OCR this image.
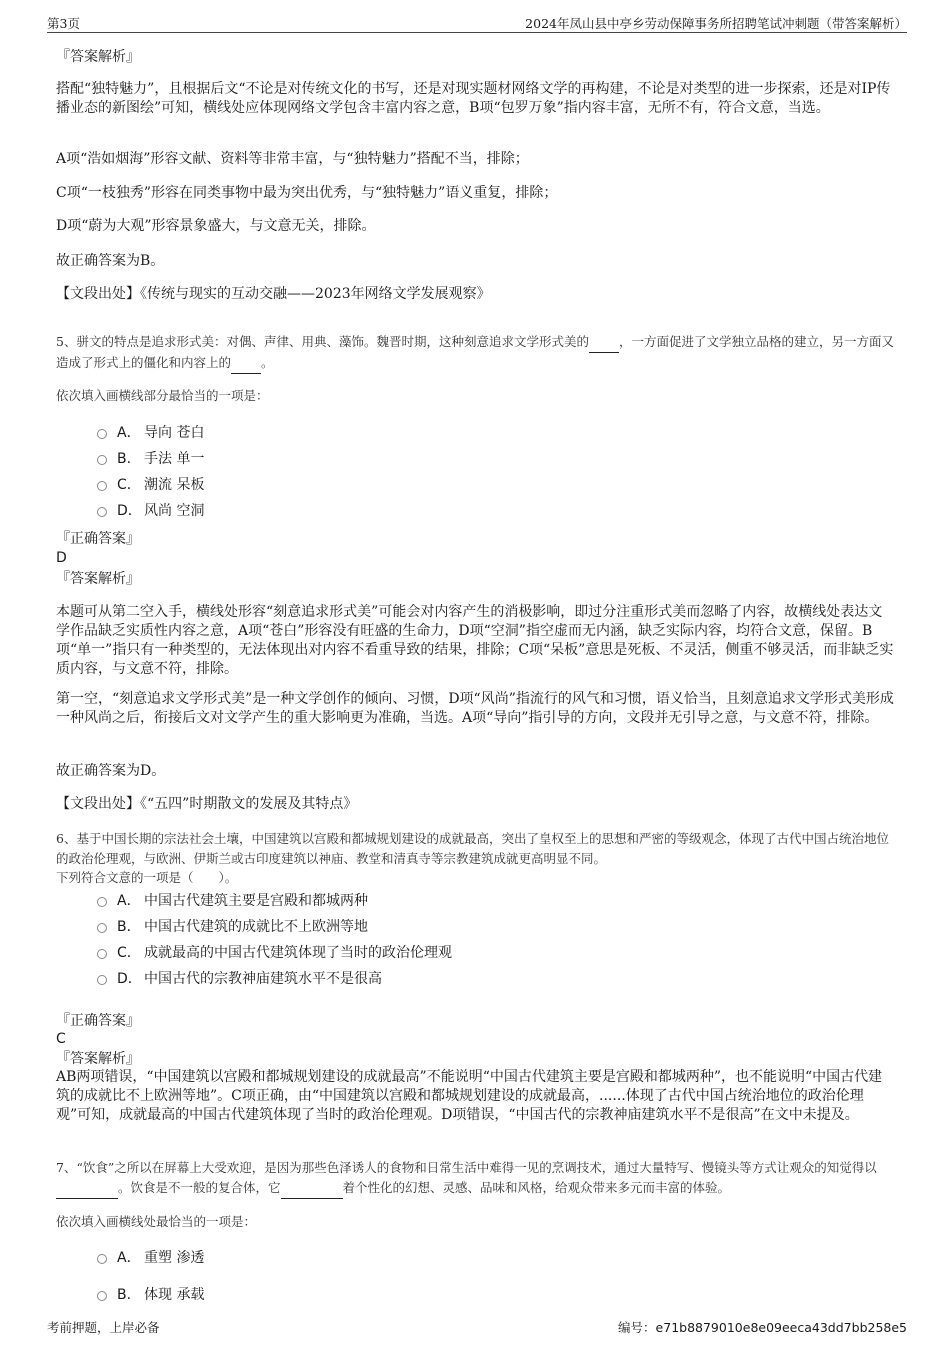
第3页	2024年凤山县中亭乡劳动保障事务所招聘笔试冲刺题（带答案解析）
『答案解析』
搭配“独特魅力”，且根据后文“不论是对传统文化的书写，还是对现实题材网络文学的再构建，不论是对类型的进一步探索，还是对IP传播业态的新图绘”可知，横线处应体现网络文学包含丰富内容之意，B项“包罗万象”指内容丰富，无所不有，符合文意，当选。
A项“浩如烟海”形容文献、资料等非常丰富，与“独特魅力”搭配不当，排除；
C项“一枝独秀”形容在同类事物中最为突出优秀，与“独特魅力”语义重复，排除；
D项“蔚为大观”形容景象盛大，与文意无关，排除。
故正确答案为B。
【文段出处】《传统与现实的互动交融——2023年网络文学发展观察》
5、骈文的特点是追求形式美：对偶、声律、用典、藻饰。魏晋时期，这种刻意追求文学形式美的 ，一方面促进了文学独立品格的建立，另一方面又造成了形式上的僵化和内容上的 。
依次填入画横线部分最恰当的一项是：
A． 导向 苍白
B. 手法 单一
C． 潮流 呆板
D． 风尚 空洞
『正确答案』
D
『答案解析』
本题可从第二空入手，横线处形容“刻意追求形式美”可能会对内容产生的消极影响，即过分注重形式美而忽略了内容，故横线处表达文学作品缺乏实质性内容之意，A项“苍白”形容没有旺盛的生命力，D项“空洞”指空虚而无内涵，缺乏实际内容，均符合文意，保留。B项“单一”指只有一种类型的，无法体现出对内容不看重导致的结果，排除；C项“呆板”意思是死板、不灵活，侧重不够灵活，而非缺乏实质内容，与文意不符，排除。
第一空，“刻意追求文学形式美”是一种文学创作的倾向、习惯，D项“风尚”指流行的风气和习惯，语义恰当，且刻意追求文学形式美形成一种风尚之后，衔接后文对文学产生的重大影响更为准确，当选。A项“导向”指引导的方向，文段并无引导之意，与文意不符，排除。
故正确答案为D。
【文段出处】《“五四”时期散文的发展及其特点》
6、基于中国长期的宗法社会土壤，中国建筑以宫殿和都城规划建设的成就最高，突出了皇权至上的思想和严密的等级观念，体现了古代中国占统治地位的政治伦理观，与欧洲、伊斯兰或古印度建筑以神庙、教堂和清真寺等宗教建筑成就更高明显不同。
下列符合文意的一项是（　　）。
A． 中国古代建筑主要是宫殿和都城两种
B． 中国古代建筑的成就比不上欧洲等地
C． 成就最高的中国古代建筑体现了当时的政治伦理观
D． 中国古代的宗教神庙建筑水平不是很高
『正确答案』
C
『答案解析』
AB两项错误，“中国建筑以宫殿和都城规划建设的成就最高”不能说明“中国古代建筑主要是宫殿和都城两种”，也不能说明“中国古代建筑的成就比不上欧洲等地”。C项正确，由“中国建筑以宫殿和都城规划建设的成就最高，......体现了古代中国占统治地位的政治伦理观”可知，成就最高的中国古代建筑体现了当时的政治伦理观。D项错误，“中国古代的宗教神庙建筑水平不是很高”在文中未提及。
7、“饮食”之所以在屏幕上大受欢迎，是因为那些色泽诱人的食物和日常生活中难得一见的烹调技术，通过大量特写、慢镜头等方式让观众的知觉得以 。饮食是不一般的复合体，它	着个性化的幻想、灵感、品味和风格，给观众带来多元而丰富的体验。
依次填入画横线处最恰当的一项是：
A． 重塑 渗透
B. 体现 承载
考前押题，上岸必备	编号：e71b8879010e8e09eeca43dd7bb258e5
